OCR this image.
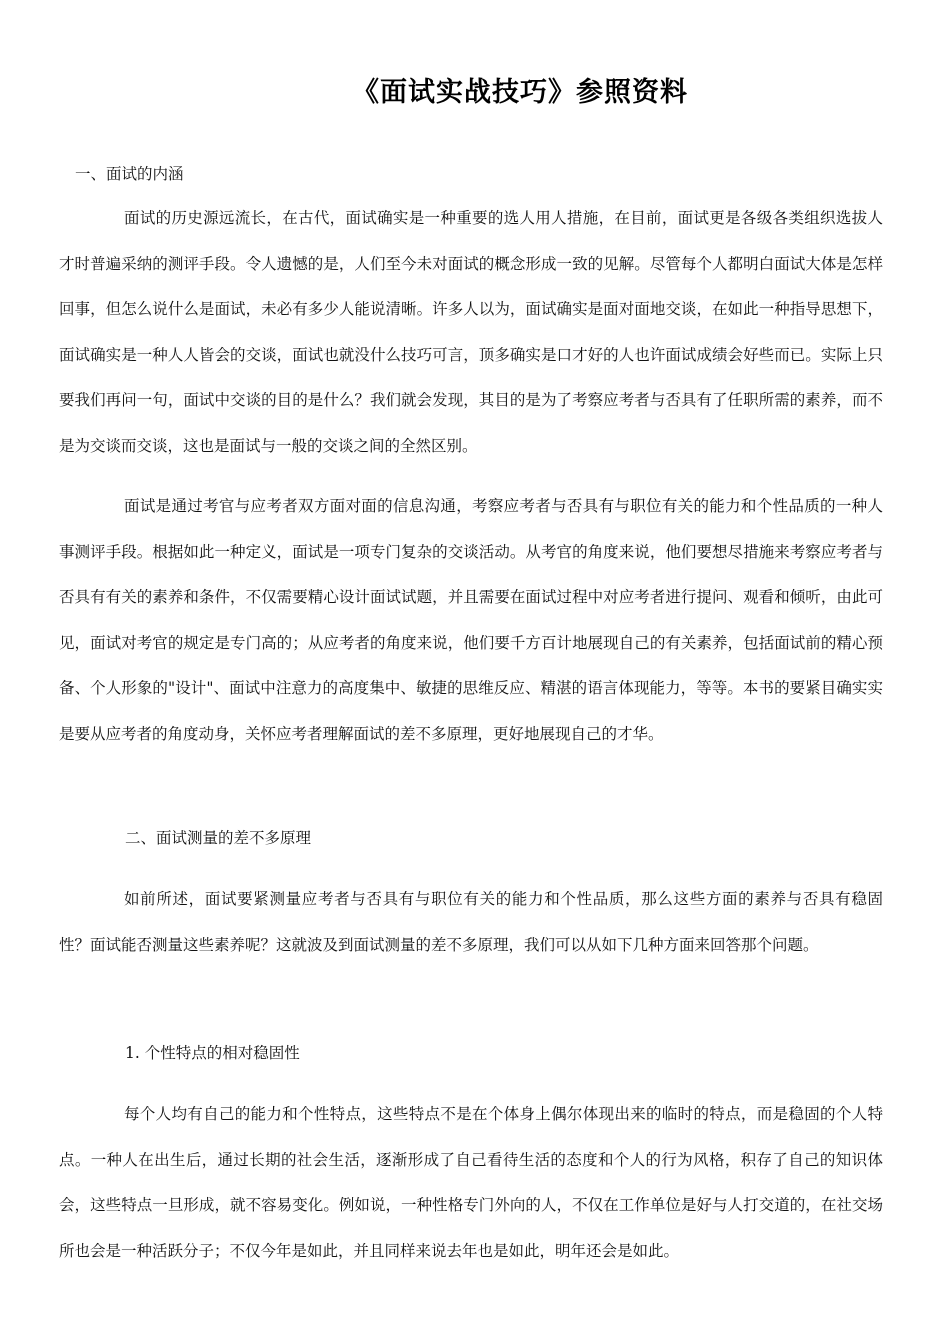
《面试实战技巧》参照资料
一、面试的内涵

面试的历史源远流长，在古代，面试确实是一种重要的选人用人措施，在目前，面试更是各级各类组织选拔人才时普遍采纳的测评手段。令人遗憾的是，人们至今未对面试的概念形成一致的见解。尽管每个人都明白面试大体是怎样回事，但怎么说什么是面试，未必有多少人能说清晰。许多人以为，面试确实是面对面地交谈，在如此一种指导思想下，面试确实是一种人人皆会的交谈，面试也就没什么技巧可言，顶多确实是口才好的人也许面试成绩会好些而已。实际上只要我们再问一句，面试中交谈的目的是什么？我们就会发现，其目的是为了考察应考者与否具有了任职所需的素养，而不是为交谈而交谈，这也是面试与一般的交谈之间的全然区别。

面试是通过考官与应考者双方面对面的信息沟通，考察应考者与否具有与职位有关的能力和个性品质的一种人事测评手段。根据如此一种定义，面试是一项专门复杂的交谈活动。从考官的角度来说，他们要想尽措施来考察应考者与否具有有关的素养和条件，不仅需要精心设计面试试题，并且需要在面试过程中对应考者进行提问、观看和倾听，由此可见，面试对考官的规定是专门高的；从应考者的角度来说，他们要千方百计地展现自己的有关素养，包括面试前的精心预备、个人形象的"设计"、面试中注意力的高度集中、敏捷的思维反应、精湛的语言体现能力，等等。本书的要紧目确实实是要从应考者的角度动身，关怀应考者理解面试的差不多原理，更好地展现自己的才华。

二、面试测量的差不多原理

如前所述，面试要紧测量应考者与否具有与职位有关的能力和个性品质，那么这些方面的素养与否具有稳固性？面试能否测量这些素养呢？这就波及到面试测量的差不多原理，我们可以从如下几种方面来回答那个问题。

1. 个性特点的相对稳固性

每个人均有自己的能力和个性特点，这些特点不是在个体身上偶尔体现出来的临时的特点，而是稳固的个人特点。一种人在出生后，通过长期的社会生活，逐渐形成了自己看待生活的态度和个人的行为风格，积存了自己的知识体会，这些特点一旦形成，就不容易变化。例如说，一种性格专门外向的人，不仅在工作单位是好与人打交道的，在社交场所也会是一种活跃分子；不仅今年是如此，并且同样来说去年也是如此，明年还会是如此。
